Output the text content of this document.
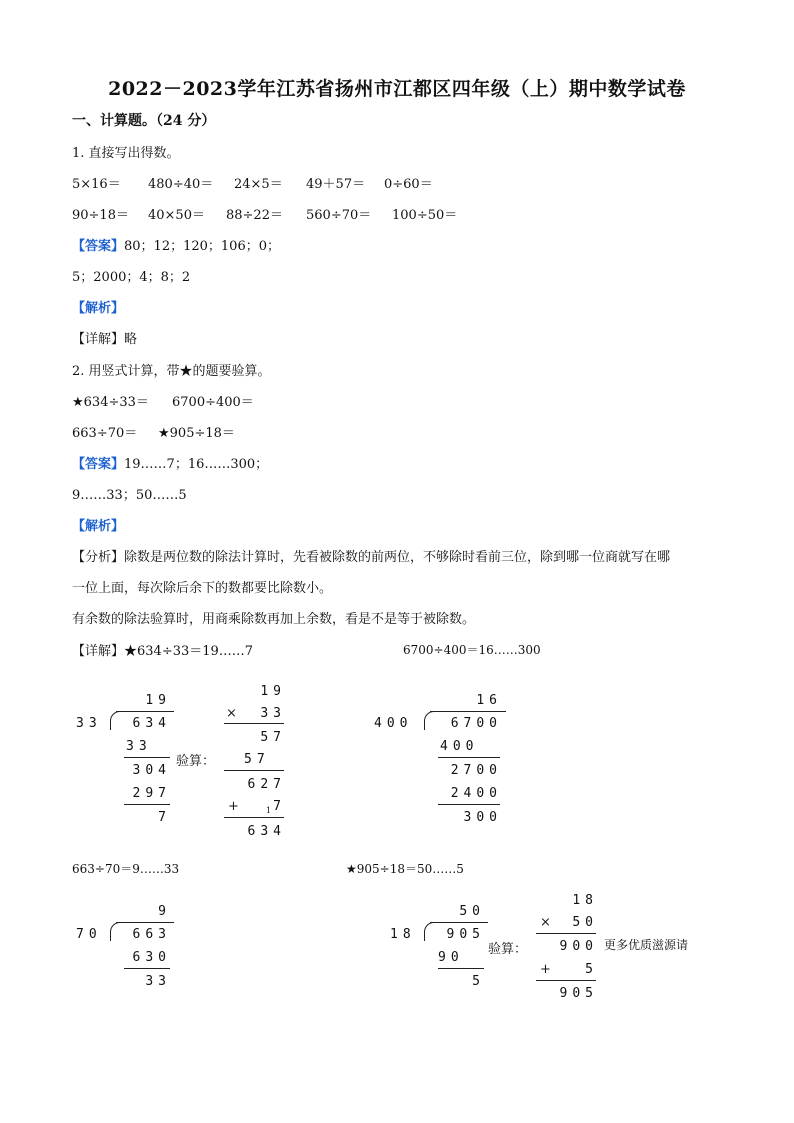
2022－2023学年江苏省扬州市江都区四年级（上）期中数学试卷
一、计算题。（24 分）
1. 直接写出得数。
5×16＝ 480÷40＝ 24×5＝ 49＋57＝ 0÷60＝
90÷18＝ 40×50＝ 88÷22＝ 560÷70＝ 100÷50＝
【答案】80；12；120；106；0；
5；2000；4；8；2
【解析】
【详解】略
2. 用竖式计算，带★的题要验算。
★634÷33＝ 6700÷400＝
663÷70＝ ★905÷18＝
【答案】19……7；16……300；
9……33；50……5
【解析】
【分析】除数是两位数的除法计算时，先看被除数的前两位，不够除时看前三位，除到哪一位商就写在哪
一位上面，每次除后余下的数都要比除数小。
有余数的除法验算时，用商乘除数再加上余数，看是不是等于被除数。
【详解】★634÷33＝19……7	6700÷400＝16……300
19
33	634
33
304
297
7
验算：
19
×	33
57
57
627
+	1 7
634
16
400	6700
400
2700
2400
300
663÷70＝9……33	★905÷18＝50……5
9
70	663
630
33
50
18	905
90
5
验算：
18
×	50
900
+	5
905
更多优质滋源请
